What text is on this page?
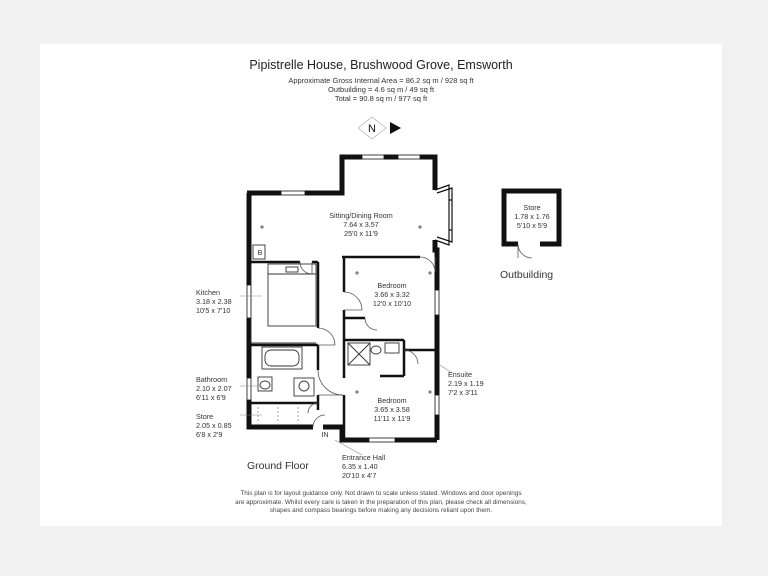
Pipistrelle House, Brushwood Grove, Emsworth
Approximate Gross Internal Area = 86.2 sq m / 928 sq ft
Outbuilding = 4.6 sq m / 49 sq ft
Total = 90.8 sq m / 977 sq ft
N
Sitting/Dining Room
7.64 x 3.57
25'0 x 11'9
Bedroom
3.66 x 3.32
12'0 x 10'10
Kitchen
3.18 x 2.38
10'5 x 7'10
Bathroom
2.10 x 2.07
6'11 x 6'9
Store
2.05 x 0.85
6'8 x 2'9
Ensuite
2.19 x 1.19
7'2 x 3'11
Bedroom
3.65 x 3.58
11'11 x 11'9
Entrance Hall
6.35 x 1.40
20'10 x 4'7
Store
1.78 x 1.76
5'10 x 5'9
B
IN
Ground Floor
Outbuilding
This plan is for layout guidance only. Not drawn to scale unless stated. Windows and door openings
are approximate. Whilst every care is taken in the preparation of this plan, please check all dimensions,
shapes and compass bearings before making any decisions reliant upon them.
